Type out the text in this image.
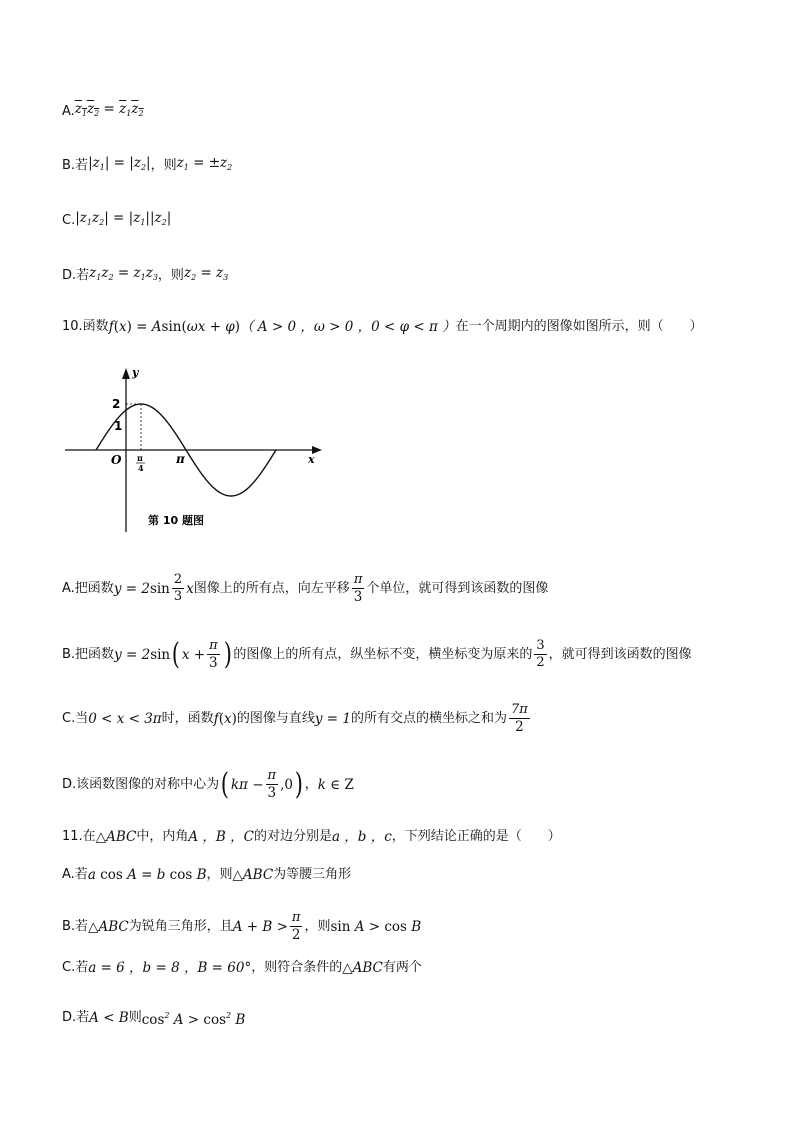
A. $z_1z_2 = \overline{z}_1z_2$
B.若 $|z_1| = |z_2|$ ，则 $z_1 = \pm z_2$
C. $|z_1z_2| = |z_1||z_2|$
D.若 $z_1z_2 = z_1z_3$ ，则 $z_2 = z_3$
10.函数 f(x) = Asin(ωx + φ) （ A > 0 ，ω > 0 ，0 < φ < π ） 在一个周期内的图像如图所示，则（　　）
y
x
O
2
1
π
π
4
第 10 题图
A.把函数 $y = 2\sin \frac{2}{3}$ x 图像上的所有点，向左平移 $\frac{\pi}{3}$ 个单位，就可得到该函数的图像
B.把函数 y = 2sin ( $x + \frac{\pi}{3}$ ) 的图像上的所有点，纵坐标不变，横坐标变为原来的 $\frac{3}{2}$ ，就可得到该函数的图像
C.当 0 < x < 3π 时，函数 f(x) 的图像与直线 y = 1 的所有交点的横坐标之和为 $\frac{7\pi}{2}$
D.该函数图像的对称中心为 ( $k\pi - \frac{\pi}{3} ,0$ ) ， k ∈ Z
11.在 △ABC 中，内角 A ，B ，C 的对边分别是 a ，b ，c ，下列结论正确的是（　　）
A.若 a cos A = b cos B ，则 △ABC 为等腰三角形
B.若 △ABC 为锐角三角形，且 $A + B > \frac{\pi}{2}$ ，则 sin A > cos B
C.若 a = 6 ，b = 8 ，B = 60° ，则符合条件的 △ABC 有两个
D.若 A < B 则 $\cos^2 A > \cos^2 B$
